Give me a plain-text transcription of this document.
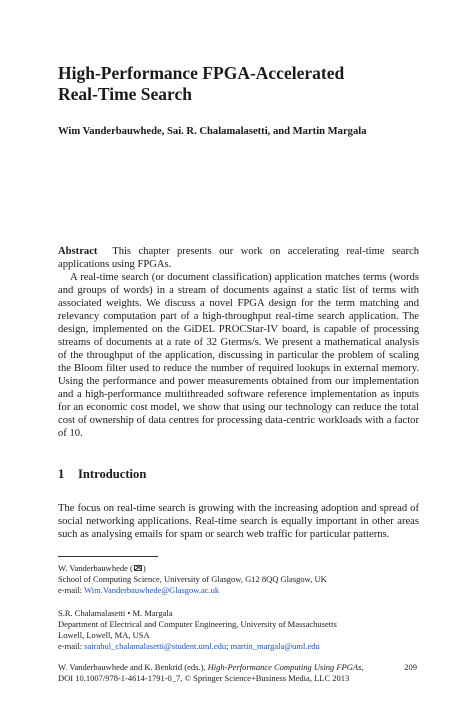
High-Performance FPGA-Accelerated
Real-Time Search
Wim Vanderbauwhede, Sai. R. Chalamalasetti, and Martin Margala

Abstract This chapter presents our work on accelerating real-time search applications using FPGAs.

A real-time search (or document classification) application matches terms (words and groups of words) in a stream of documents against a static list of terms with associated weights. We discuss a novel FPGA design for the term matching and relevancy computation part of a high-throughput real-time search application. The design, implemented on the GiDEL PROCStar-IV board, is capable of processing streams of documents at a rate of 32 Gterms/s. We present a mathematical analysis of the throughput of the application, discussing in particular the problem of scaling the Bloom filter used to reduce the number of required lookups in external memory. Using the performance and power measurements obtained from our implementation and a high-performance multithreaded software reference implementation as inputs for an economic cost model, we show that using our technology can reduce the total cost of ownership of data centres for processing data-centric workloads with a factor of 10.

1 Introduction

The focus on real-time search is growing with the increasing adoption and spread of social networking applications. Real-time search is equally important in other areas such as analysing emails for spam or search web traffic for particular patterns.

W. Vanderbauwhede ( )
School of Computing Science, University of Glasgow, G12 8QQ Glasgow, UK
e-mail: Wim.Vanderbauwhede@Glasgow.ac.uk
S.R. Chalamalasetti • M. Margala
Department of Electrical and Computer Engineering, University of Massachusetts
Lowell, Lowell, MA, USA
e-mail: sairahul_chalamalasetti@student.uml.edu; martin_margala@uml.edu
W. Vanderbauwhede and K. Benkrid (eds.), High-Performance Computing Using FPGAs,
DOI 10.1007/978-1-4614-1791-0_7, © Springer Science+Business Media, LLC 2013
209
